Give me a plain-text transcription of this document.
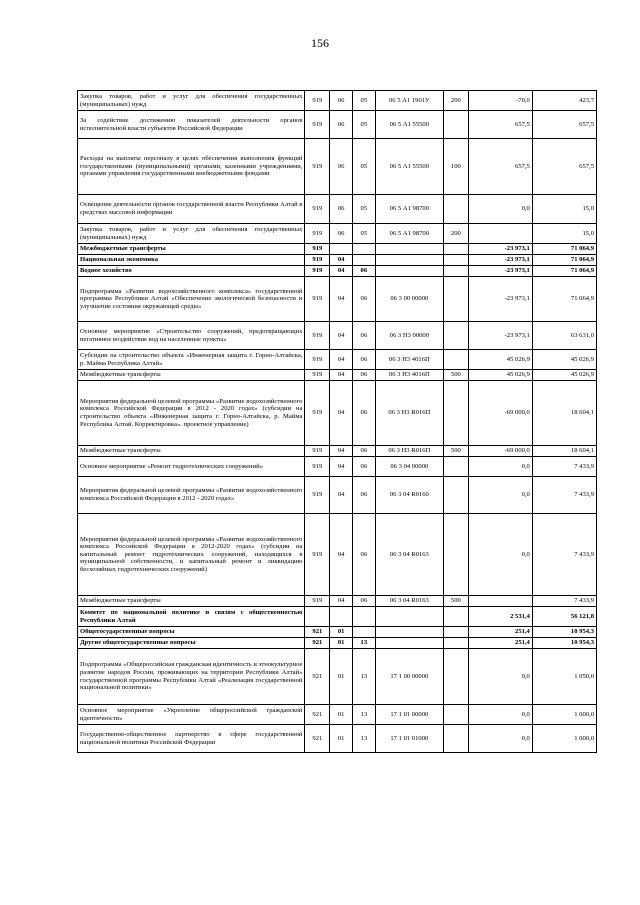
156
Закупка товаров, работ и услуг для обеспечения государственных (муниципальных) нужд	919	06	05	06 5 А1 1901У	200	-70,0	423,7
За содействие достижению показателей деятельности органов исполнительной власти субъектов Российской Федерации	919	06	05	06 5 А1 55500		657,5	657,5
Расходы на выплаты персоналу в целях обеспечения выполнения функций государственными (муниципальными) органами, казенными учреждениями, органами управления государственными внебюджетными фондами	919	06	05	06 5 А1 55500	100	657,5	657,5
Освещение деятельности органов государственной власти Республики Алтай в средствах массовой информации	919	06	05	06 5 А1 98700		0,0	15,0
Закупка товаров, работ и услуг для обеспечения государственных (муниципальных) нужд	919	06	05	06 5 А1 98700	200		15,0
Межбюджетные трансферты	919					-23 973,1	71 064,9
Национальная экономика	919	04				-23 973,1	71 064,9
Водное хозяйство	919	04	06			-23 973,1	71 064,9
Подпрограмма «Развитие водохозяйственного комплекса» государственной программы Республики Алтай «Обеспечение экологической безопасности и улучшение состояния окружающей среды»	919	04	06	06 3 00 00000		-23 973,1	71 064,9
Основное мероприятие «Строительство сооружений, предотвращающих негативное воздействие вод на населенные пункты»	919	04	06	06 3 Н3 00000		-23 973,1	63 631,0
Субсидии на строительство объекта «Инженерная защита г. Горно-Алтайска, р. Майма Республика Алтай»	919	04	06	06 3 Н3 4016П		45 026,9	45 026,9
Межбюджетные трансферты	919	04	06	06 3 Н3 4016П	500	45 026,9	45 026,9
Мероприятия федеральной целевой программы «Развитие водохозяйственного комплекса Российской Федерации в 2012 - 2020 годах» (субсидии на строительство объекта «Инженерная защита г. Горно-Алтайска, р. Майма Республика Алтай. Корректировка». проектное управление)	919	04	06	06 3 Н3 R016П		-69 000,0	18 604,1
Межбюджетные трансферты	919	04	06	06 3 Н3 R016П	500	-69 000,0	18 604,1
Основное мероприятие «Ремонт гидротехнических сооружений»	919	04	06	06 3 04 00000		0,0	7 433,9
Мероприятия федеральной целевой программы «Развитие водохозяйственного комплекса Российской Федерации в 2012 - 2020 годах»	919	04	06	06 3 04 R0160		0,0	7 433,9
Мероприятия федеральной целевой программы «Развитие водохозяйственного комплекса Российской Федерации в 2012-2020 годах» (субсидии на капитальный ремонт гидротехнических сооружений, находящихся в муниципальной собственности, и капитальный ремонт и ликвидацию бесхозяйных гидротехнических сооружений)	919	04	06	06 3 04 R0163		0,0	7 433,9
Межбюджетные трансферты	919	04	06	06 3 04 R0163	500		7 433,9
Комитет по национальной политике и связям с общественностью Республики Алтай						2 531,4	56 121,8
Общегосударственные вопросы	921	01				251,4	10 954,3
Другие общегосударственные вопросы	921	01	13			251,4	10 954,3
Подпрограмма «Общероссийская гражданская идентичность и этнокультурное развитие народов России, проживающих на территории Республики Алтай» государственной программы Республики Алтай «Реализация государственной национальной политики»	921	01	13	17 1 00 00000		0,0	1 050,0
Основное мероприятие «Укрепление общероссийской гражданской идентичности»	921	01	13	17 1 01 00000		0,0	1 000,0
Государственно-общественное партнерство в сфере государственной национальной политики Российской Федерации	921	01	13	17 1 01 01000		0,0	1 000,0
